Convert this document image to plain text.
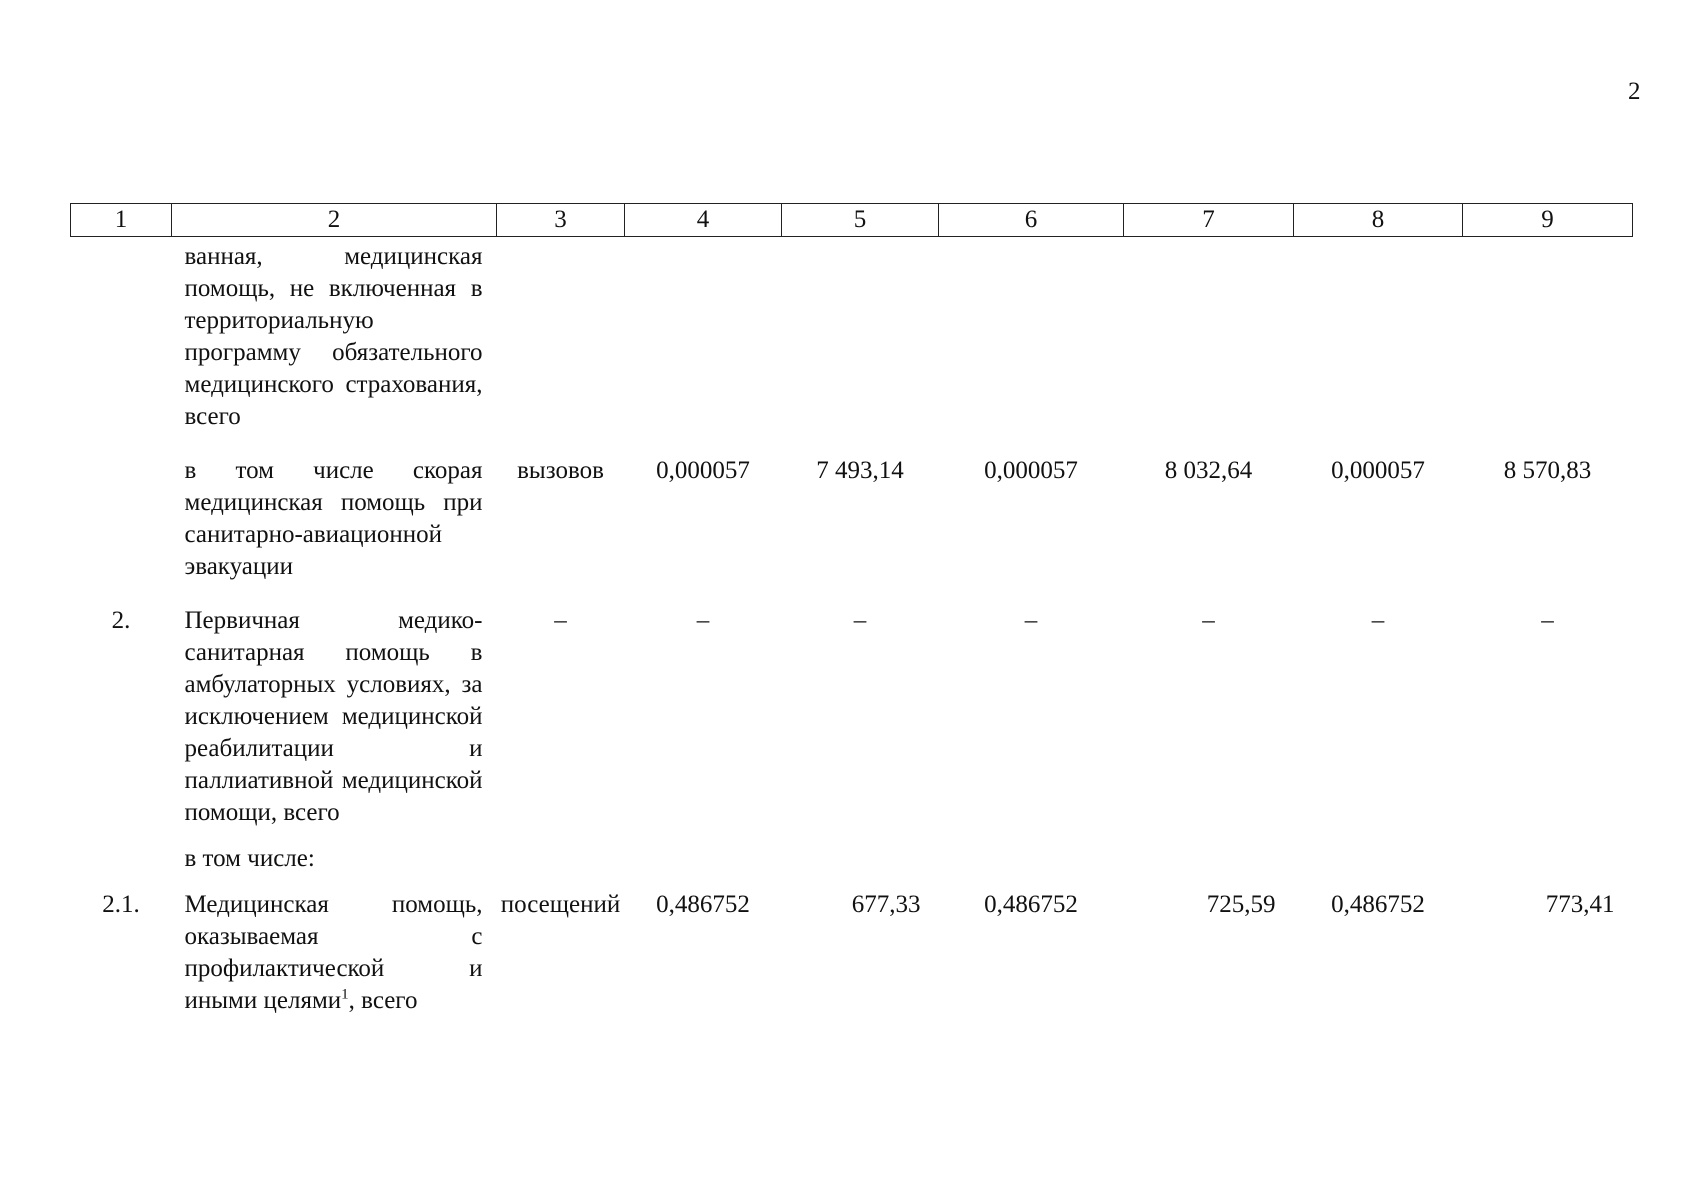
2
1	2	3	4	5	6	7	8	9
	ванная, медицинская помощь, не включенная в территориальную программу обязательного медицинского страхования, всего							
	в том числе скорая медицинская помощь при санитарно-авиационной эвакуации	вызовов	0,000057	7 493,14	0,000057	8 032,64	0,000057	8 570,83
2.	Первичная медико-санитарная помощь в амбулаторных условиях, за исключением медицинской реабилитации и паллиативной медицинской помощи, всего	–	–	–	–	–	–	–
	в том числе:							
2.1.	Медицинская помощь, оказываемая с профилактической и иными целями$^1$, всего	посещений	0,486752	677,33	0,486752	725,59	0,486752	773,41
